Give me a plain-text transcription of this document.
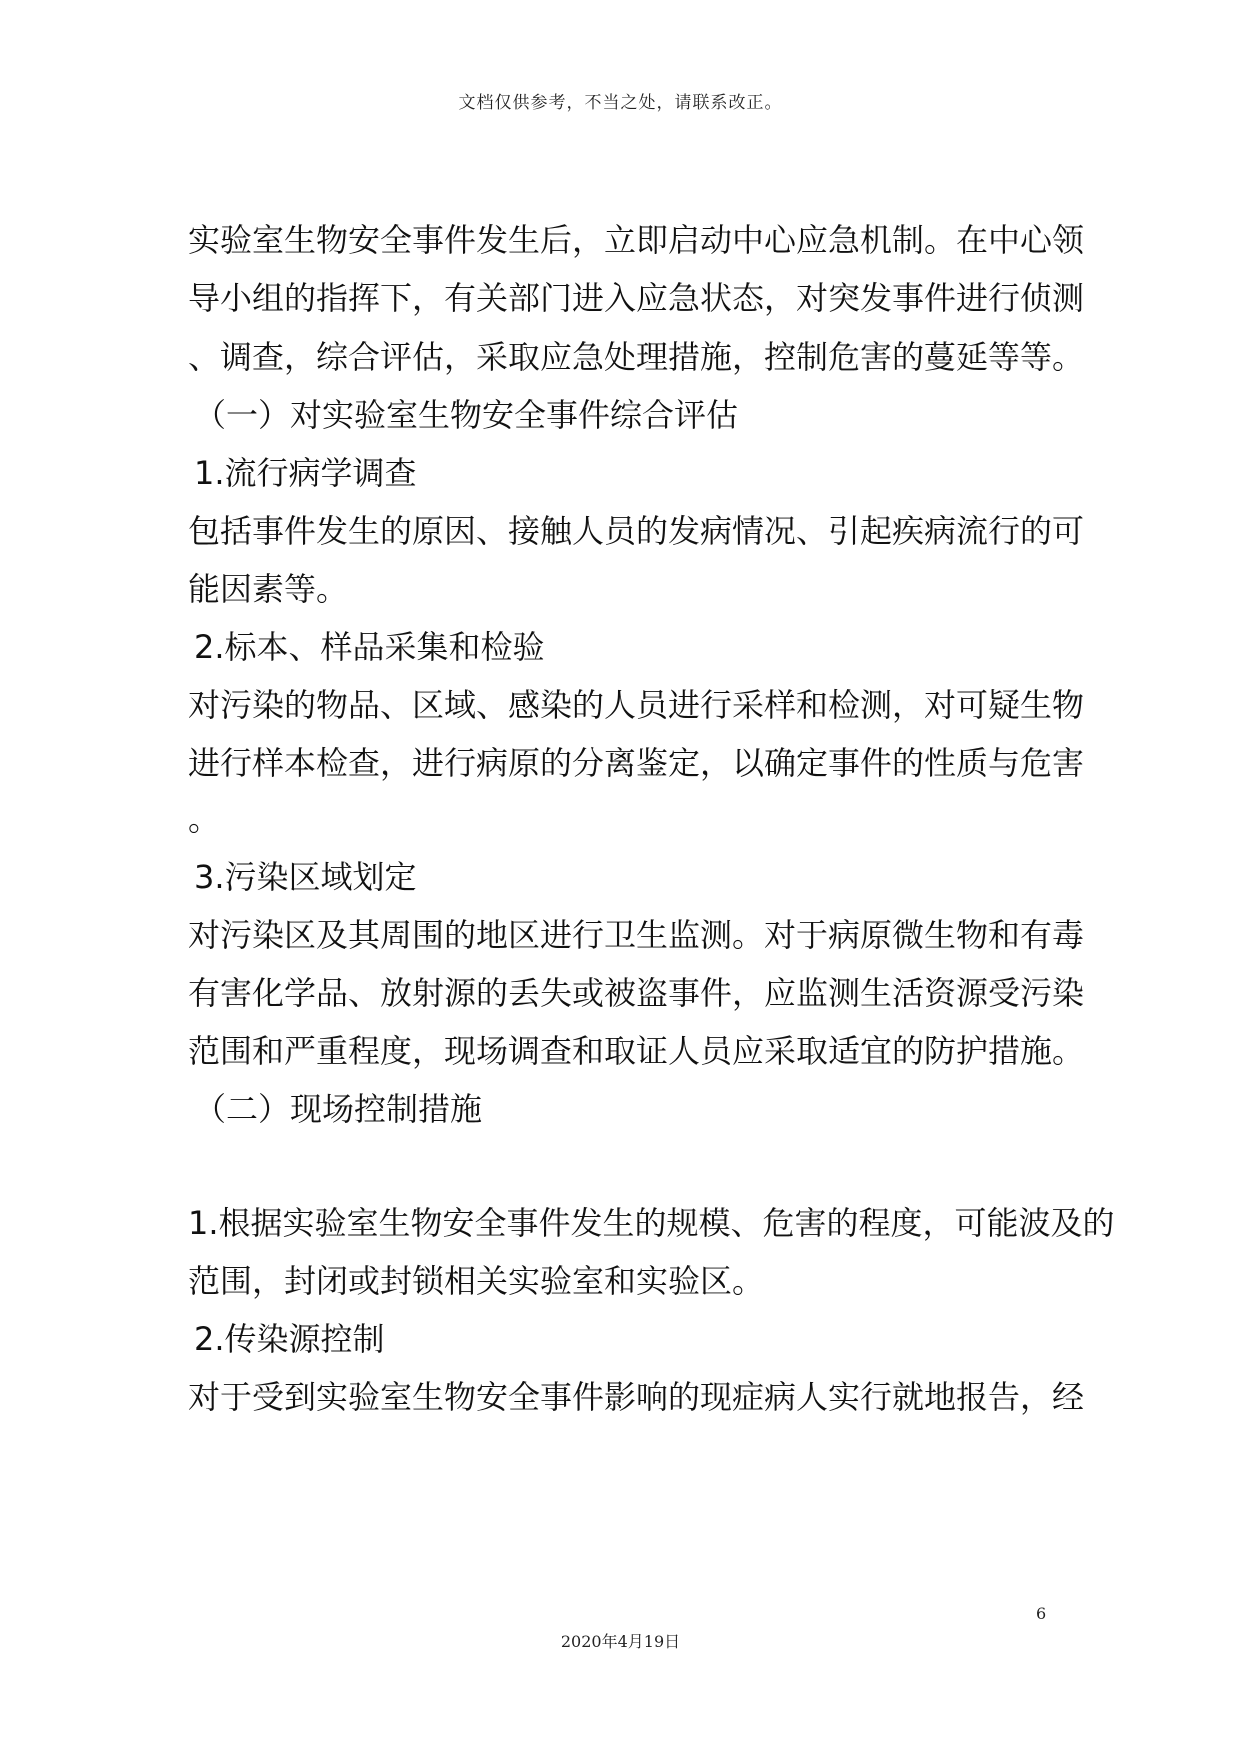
文档仅供参考，不当之处，请联系改正。
实验室生物安全事件发生后，立即启动中心应急机制。在中心领
导小组的指挥下，有关部门进入应急状态，对突发事件进行侦测
、调查，综合评估，采取应急处理措施，控制危害的蔓延等等。
（一）对实验室生物安全事件综合评估
1.流行病学调查
包括事件发生的原因、接触人员的发病情况、引起疾病流行的可
能因素等。
2.标本、样品采集和检验
对污染的物品、区域、感染的人员进行采样和检测，对可疑生物
进行样本检查，进行病原的分离鉴定，以确定事件的性质与危害
。
3.污染区域划定
对污染区及其周围的地区进行卫生监测。对于病原微生物和有毒
有害化学品、放射源的丢失或被盗事件，应监测生活资源受污染
范围和严重程度，现场调查和取证人员应采取适宜的防护措施。
（二）现场控制措施
1.根据实验室生物安全事件发生的规模、危害的程度，可能波及的
范围，封闭或封锁相关实验室和实验区。
2.传染源控制
对于受到实验室生物安全事件影响的现症病人实行就地报告，经
6
2020年4月19日
